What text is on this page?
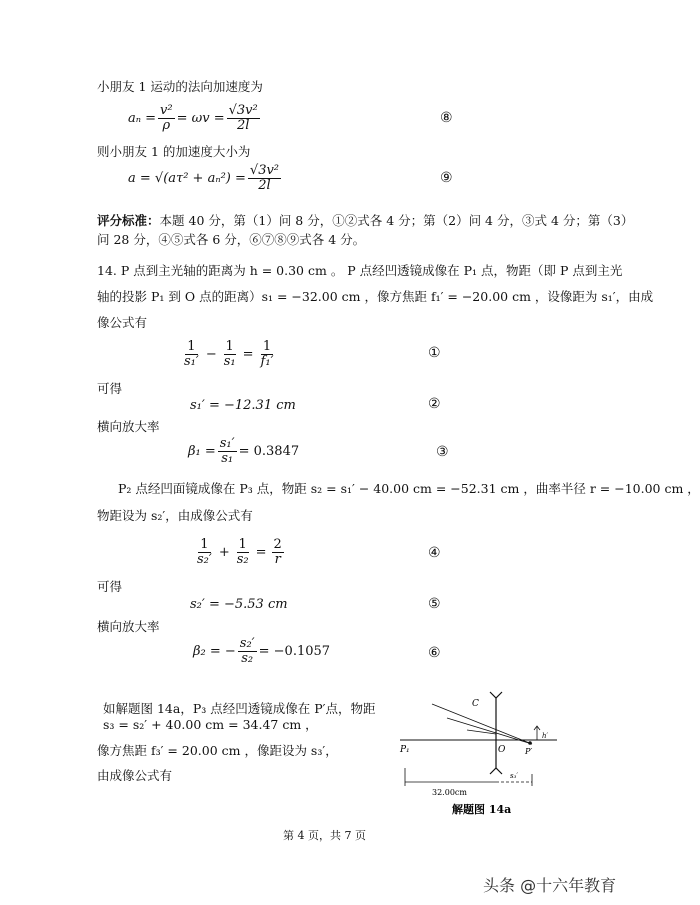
小朋友 1 运动的法向加速度为
$a_n = \frac{\text{v²}}{\rho} = \omega v = \frac{\text{√3v²}}{2l}$	⑧
则小朋友 1 的加速度大小为
$a = √(a\tau^2 + a_n^2) = \frac{\text{√3v²}}{2l}$	⑨
评分标准：本题 40 分，第（1）问 8 分，①②式各 4 分；第（2）问 4 分，③式 4 分；第（3）
问 28 分，④⑤式各 6 分，⑥⑦⑧⑨式各 4 分。
14. P 点到主光轴的距离为 h = 0.30 cm 。 P 点经凹透镜成像在 P₁ 点，物距（即 P 点到主光
轴的投影 P₁ 到 O 点的距离）s₁ = −32.00 cm ，像方焦距 f₁′ = −20.00 cm ，设像距为 s₁′，由成
像公式有
$\frac{1}{\text{s₁′}} - \frac{1}{\text{s₁}} = \frac{1}{\text{f₁′}}$	①
可得
s₁′ = −12.31 cm	②
横向放大率
$\beta_1 = \frac{\text{s₁′}}{\text{s₁}} = 0.3847$	③
P₂ 点经凹面镜成像在 P₃ 点，物距 s₂ = s₁′ − 40.00 cm = −52.31 cm ，曲率半径 r = −10.00 cm ，
物距设为 s₂′，由成像公式有
$\frac{1}{\text{s₂′}} + \frac{1}{\text{s₂}} = \frac{2}{r}$	④
可得
s₂′ = −5.53 cm	⑤
横向放大率
β₂ = − $\frac{\text{s₂′}}{\text{s₂}} = -0.1057$	⑥
如解题图 14a，P₃ 点经凹透镜成像在 P′点，物距
s₃ = s₂′ + 40.00 cm = 34.47 cm ，
像方焦距 f₃′ = 20.00 cm ，像距设为 s₃′，
由成像公式有
C
O
P₁	P′
h′
32.00cm
s₃′
解题图 14a
第 4 页，共 7 页
头条 @十六年教育
